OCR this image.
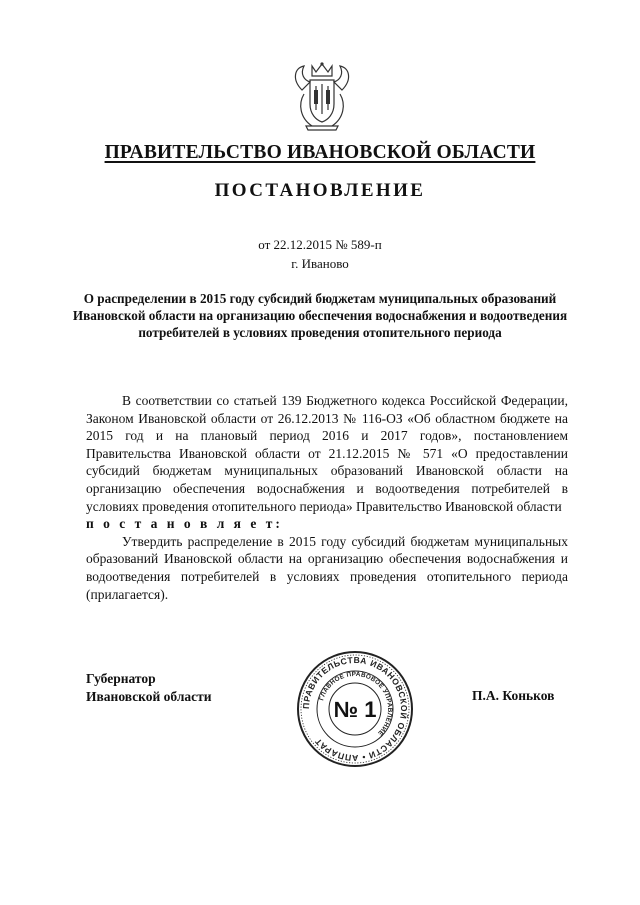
ПРАВИТЕЛЬСТВО ИВАНОВСКОЙ ОБЛАСТИ
ПОСТАНОВЛЕНИЕ
от 22.12.2015 № 589-п
г. Иваново
О распределении в 2015 году субсидий бюджетам муниципальных образований Ивановской области на организацию обеспечения водоснабжения и водоотведения потребителей в условиях проведения отопительного периода
В соответствии со статьей 139 Бюджетного кодекса Российской Федерации, Законом Ивановской области от 26.12.2013 № 116-ОЗ «Об областном бюджете на 2015 год и на плановый период 2016 и 2017 годов», постановлением Правительства Ивановской области от 21.12.2015 № 571 «О предоставлении субсидий бюджетам муниципальных образований Ивановской области на организацию обеспечения водоснабжения и водоотведения потребителей в условиях проведения отопительного периода» Правительство Ивановской области
п о с т а н о в л я е т:
Утвердить распределение в 2015 году субсидий бюджетам муниципальных образований Ивановской области на организацию обеспечения водоснабжения и водоотведения потребителей в условиях проведения отопительного периода (прилагается).
Губернатор
Ивановской области	П.А. Коньков
ПРАВИТЕЛЬСТВА ИВАНОВСКОЙ ОБЛАСТИ • АППАРАТ
ГЛАВНОЕ ПРАВОВОЕ УПРАВЛЕНИЕ
№ 1
